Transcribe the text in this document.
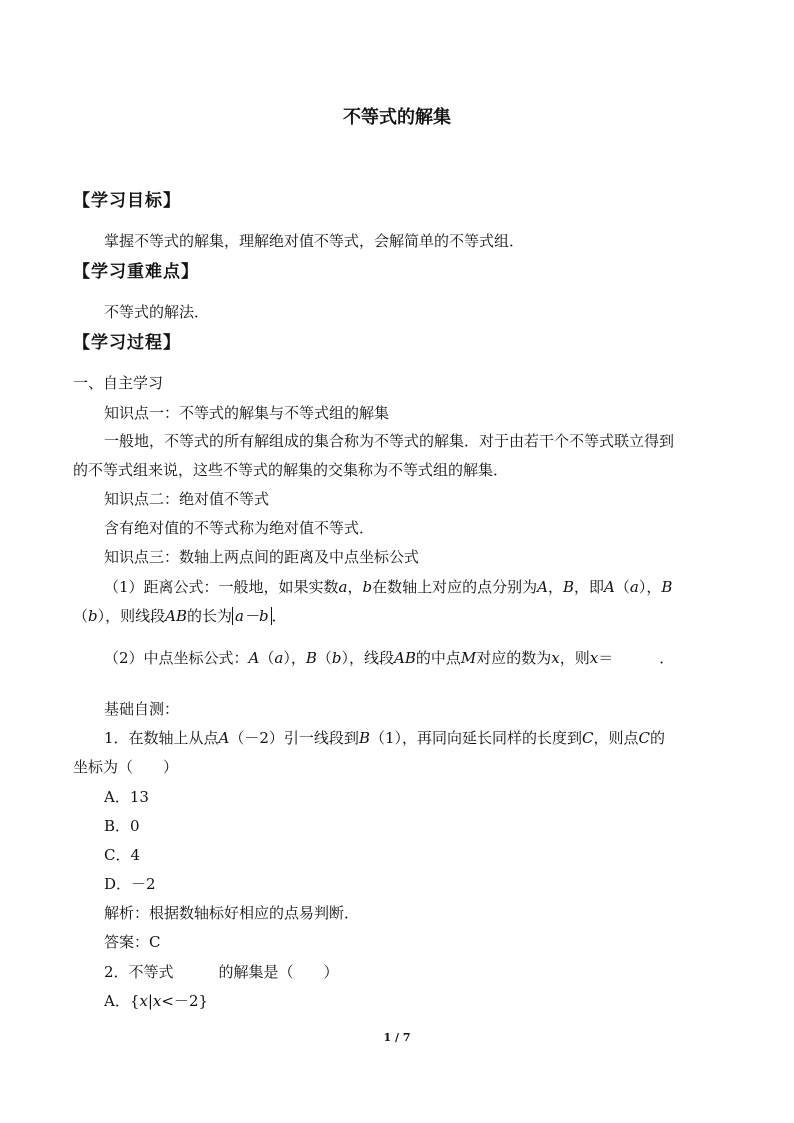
不等式的解集
【学习目标】
掌握不等式的解集，理解绝对值不等式，会解简单的不等式组．
【学习重难点】
不等式的解法．
【学习过程】
一、自主学习
知识点一：不等式的解集与不等式组的解集
一般地，不等式的所有解组成的集合称为不等式的解集．对于由若干个不等式联立得到
的不等式组来说，这些不等式的解集的交集称为不等式组的解集．
知识点二：绝对值不等式
含有绝对值的不等式称为绝对值不等式．
知识点三：数轴上两点间的距离及中点坐标公式
（1）距离公式：一般地，如果实数a，b在数轴上对应的点分别为A，B，即A（a），B
（b），则线段AB的长为 a－b ．
（2）中点坐标公式：A（a），B（b），线段AB的中点M对应的数为x，则x＝	．
基础自测：
1．在数轴上从点A（－2）引一线段到B（1），再同向延长同样的长度到C，则点C的
坐标为（　　）
A．13
B．0
C．4
D．－2
解析：根据数轴标好相应的点易判断．
答案：C
2．不等式　　　的解集是（　　）
A．{x|x<－2}
1 / 7
